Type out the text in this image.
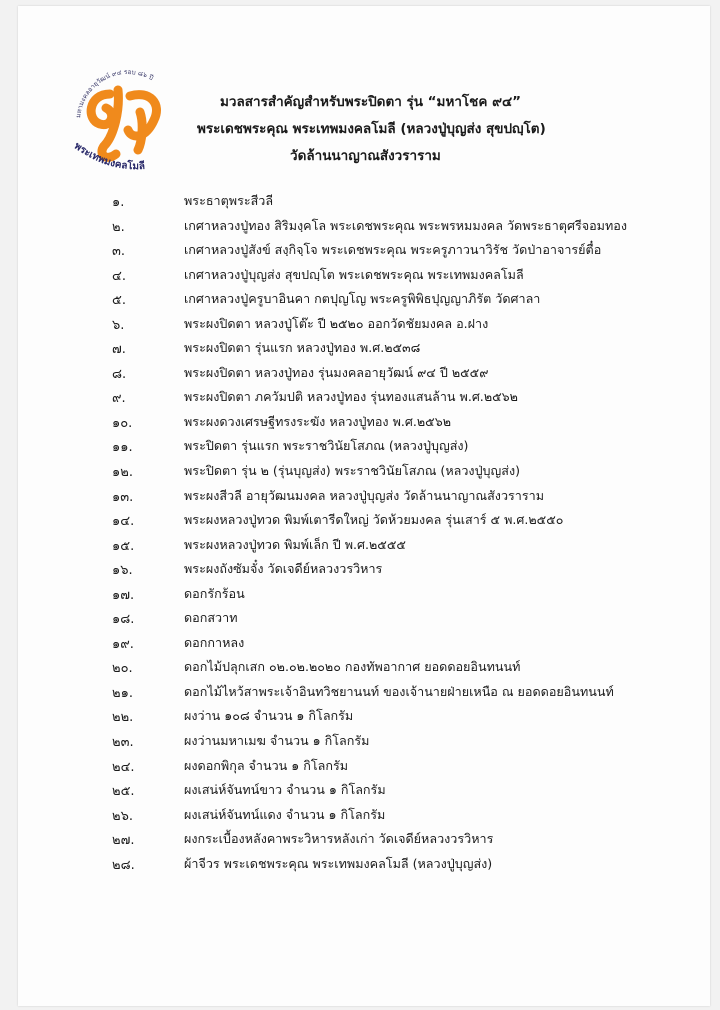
มหามงคลอายุวัฒน์ ๙๔ รอบ ๘๖ ปี
พระเทพมงคลโมลี
มวลสารสำคัญสำหรับพระปิดตา รุ่น “มหาโชค ๙๔”
พระเดชพระคุณ พระเทพมงคลโมลี (หลวงปู่บุญส่ง สุขปญฺโต)
วัดล้านนาญาณสังวราราม
๑.	พระธาตุพระสีวลี
๒.	เกศาหลวงปู่ทอง สิริมงฺคโล พระเดชพระคุณ พระพรหมมงคล วัดพระธาตุศรีจอมทอง
๓.	เกศาหลวงปู่สังข์ สงฺกิจฺโจ พระเดชพระคุณ พระครูภาวนาวิรัช วัดป่าอาจารย์ตื๋อ
๔.	เกศาหลวงปู่บุญส่ง สุขปญฺโต พระเดชพระคุณ พระเทพมงคลโมลี
๕.	เกศาหลวงปู่ครูบาอินคา กตปุญโญ พระครูพิพิธปุญญาภิรัต วัดศาลา
๖.	พระผงปิดตา หลวงปู่โต๊ะ ปี ๒๕๒๐ ออกวัดชัยมงคล อ.ฝาง
๗.	พระผงปิดตา รุ่นแรก หลวงปู่ทอง พ.ศ.๒๕๓๘
๘.	พระผงปิดตา หลวงปู่ทอง รุ่นมงคลอายุวัฒน์ ๙๔ ปี ๒๕๕๙
๙.	พระผงปิดตา ภควัมปติ หลวงปู่ทอง รุ่นทองแสนล้าน พ.ศ.๒๕๖๒
๑๐.	พระผงดวงเศรษฐีทรงระฆัง หลวงปู่ทอง พ.ศ.๒๕๖๒
๑๑.	พระปิดตา รุ่นแรก พระราชวินัยโสภณ (หลวงปู่บุญส่ง)
๑๒.	พระปิดตา รุ่น ๒ (รุ่นบุญส่ง) พระราชวินัยโสภณ (หลวงปู่บุญส่ง)
๑๓.	พระผงสีวลี อายุวัฒนมงคล หลวงปู่บุญส่ง วัดล้านนาญาณสังวราราม
๑๔.	พระผงหลวงปู่ทวด พิมพ์เตารีดใหญ่ วัดห้วยมงคล รุ่นเสาร์ ๕ พ.ศ.๒๕๕๐
๑๕.	พระผงหลวงปู่ทวด พิมพ์เล็ก ปี พ.ศ.๒๕๕๕
๑๖.	พระผงถังซัมจั๋ง วัดเจดีย์หลวงวรวิหาร
๑๗.	ดอกรักร้อน
๑๘.	ดอกสวาท
๑๙.	ดอกกาหลง
๒๐.	ดอกไม้ปลุกเสก ๐๒.๐๒.๒๐๒๐ กองทัพอากาศ ยอดดอยอินทนนท์
๒๑.	ดอกไม้ไหว้สาพระเจ้าอินทวิชยานนท์ ของเจ้านายฝ่ายเหนือ ณ ยอดดอยอินทนนท์
๒๒.	ผงว่าน ๑๐๘ จำนวน ๑ กิโลกรัม
๒๓.	ผงว่านมหาเมฆ จำนวน ๑ กิโลกรัม
๒๔.	ผงดอกพิกุล จำนวน ๑ กิโลกรัม
๒๕.	ผงเสน่ห์จันทน์ขาว จำนวน ๑ กิโลกรัม
๒๖.	ผงเสน่ห์จันทน์แดง จำนวน ๑ กิโลกรัม
๒๗.	ผงกระเบื้องหลังคาพระวิหารหลังเก่า วัดเจดีย์หลวงวรวิหาร
๒๘.	ผ้าจีวร พระเดชพระคุณ พระเทพมงคลโมลี (หลวงปู่บุญส่ง)
